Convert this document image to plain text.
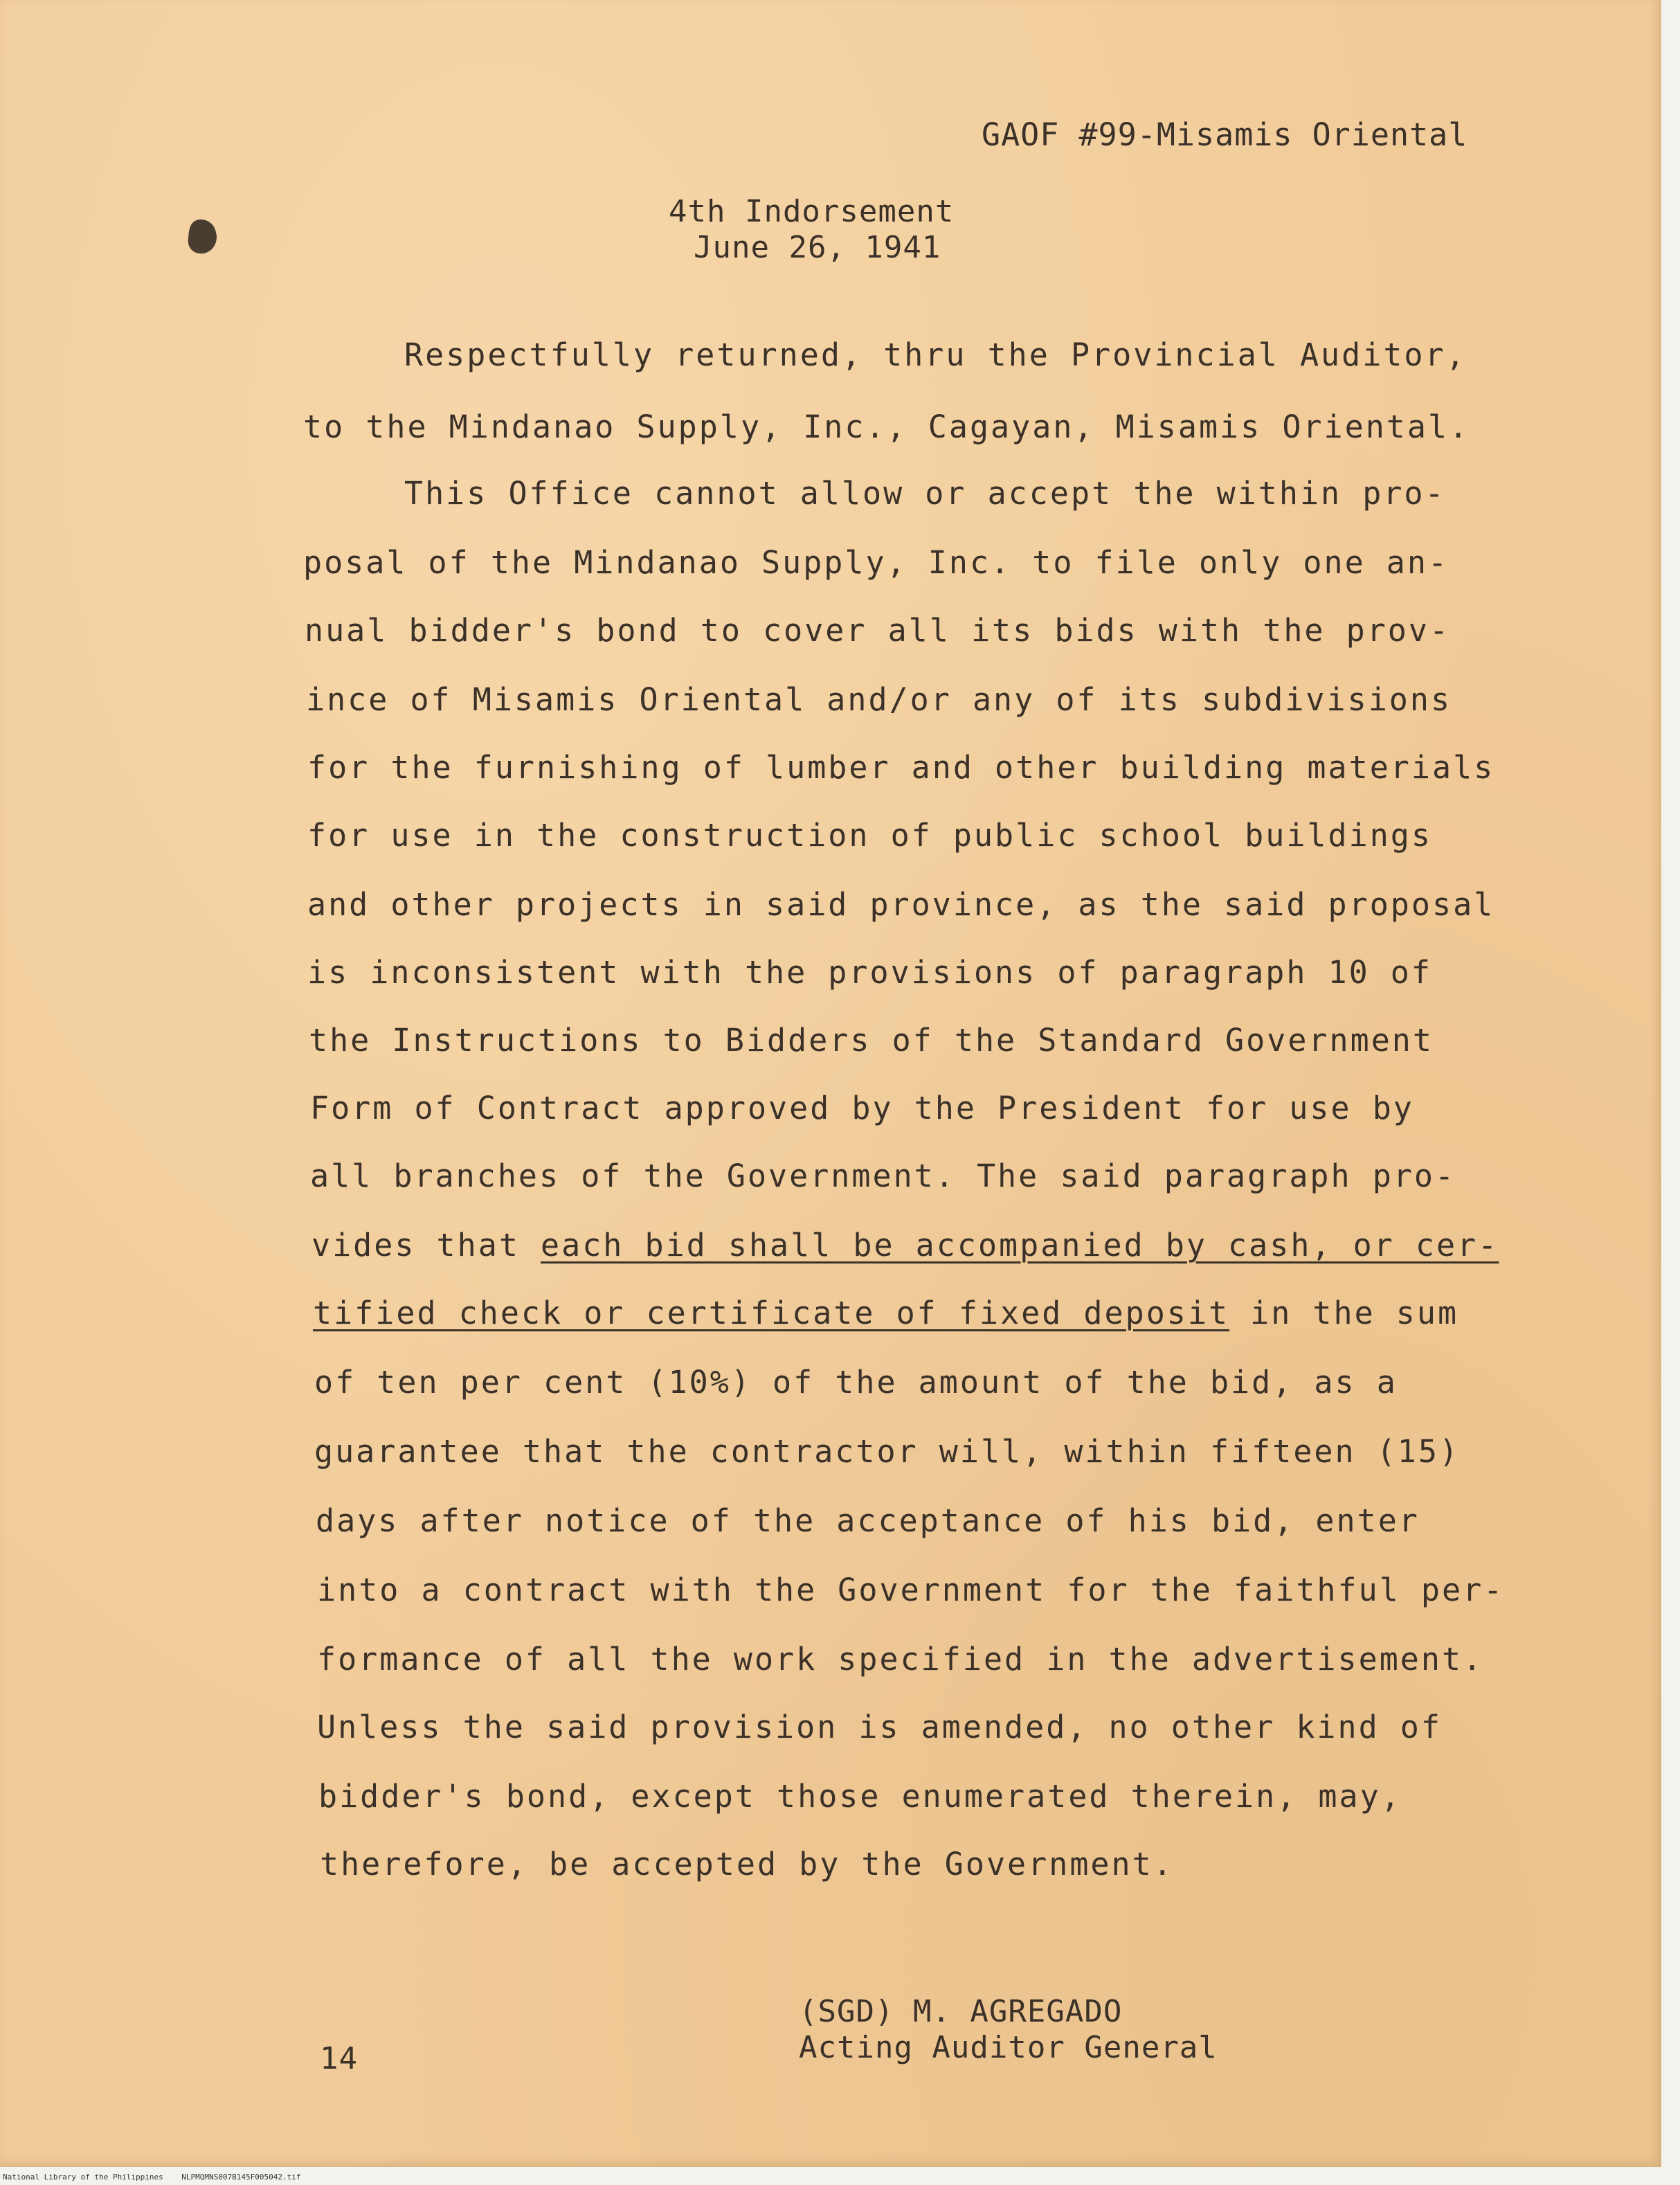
GAOF #99-Misamis Oriental
4th Indorsement
June 26, 1941
Respectfully returned, thru the Provincial Auditor,
to the Mindanao Supply, Inc., Cagayan, Misamis Oriental.
This Office cannot allow or accept the within pro-
posal of the Mindanao Supply, Inc. to file only one an-
nual bidder's bond to cover all its bids with the prov-
ince of Misamis Oriental and/or any of its subdivisions
for the furnishing of lumber and other building materials
for use in the construction of public school buildings
and other projects in said province, as the said proposal
is inconsistent with the provisions of paragraph 10 of
the Instructions to Bidders of the Standard Government
Form of Contract approved by the President for use by
all branches of the Government. The said paragraph pro-
vides that each bid shall be accompanied by cash, or cer-
tified check or certificate of fixed deposit in the sum
of ten per cent (10%) of the amount of the bid, as a
guarantee that the contractor will, within fifteen (15)
days after notice of the acceptance of his bid, enter
into a contract with the Government for the faithful per-
formance of all the work specified in the advertisement.
Unless the said provision is amended, no other kind of
bidder's bond, except those enumerated therein, may,
therefore, be accepted by the Government.
(SGD) M. AGREGADO
Acting Auditor General
14
National Library of the Philippines NLPMQMNS007B145F005042.tif
